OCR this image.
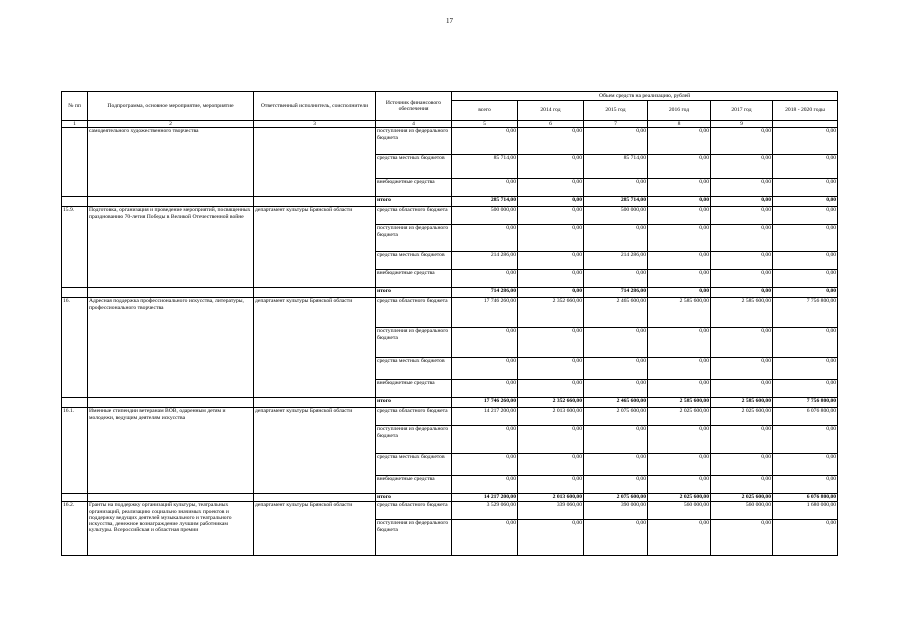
17
№ пп	Подпрограмма, основное мероприятие, мероприятие	Ответственный исполнитель, соисполнители	Источник финансового обеспечения	Объем средств на реализацию, рублей					
				всего	2014 год	2015 год	2016 год	2017 год	2018 - 2020 годы
1	2	3	4	5	6	7	8	9	
	самодеятельного художественного творчества		поступления из федерального бюджета	0,00	0,00	0,00	0,00	0,00	0,00
			средства местных бюджетов	85 714,00	0,00	85 714,00	0,00	0,00	0,00
			внебюджетные средства	0,00	0,00	0,00	0,00	0,00	0,00
			итого	285 714,00	0,00	285 714,00	0,00	0,00	0,00
15.9.	Подготовка, организация и проведение мероприятий, посвященных празднованию 70-летия Победы в Великой Отечественной войне	департамент культуры Брянской области	средства областного бюджета	500 000,00	0,00	500 000,00	0,00	0,00	0,00
			поступления из федерального бюджета	0,00	0,00	0,00	0,00	0,00	0,00
			средства местных бюджетов	214 286,00	0,00	214 286,00	0,00	0,00	0,00
			внебюджетные средства	0,00	0,00	0,00	0,00	0,00	0,00
			итого	714 286,00	0,00	714 286,00	0,00	0,00	0,00
16.	Адресная поддержка профессионального искусства, литературы, профессионального творчества	департамент культуры Брянской области	средства областного бюджета	17 746 260,00	2 352 660,00	2 465 600,00	2 585 600,00	2 585 600,00	7 756 800,00
			поступления из федерального бюджета	0,00	0,00	0,00	0,00	0,00	0,00
			средства местных бюджетов	0,00	0,00	0,00	0,00	0,00	0,00
			внебюджетные средства	0,00	0,00	0,00	0,00	0,00	0,00
			итого	17 746 260,00	2 352 660,00	2 465 600,00	2 585 600,00	2 585 600,00	7 756 800,00
16.1.	Именные стипендии ветеранам ВОВ, одаренным детям и молодежи, ведущим деятелям искусства	департамент культуры Брянской области	средства областного бюджета	14 217 200,00	2 013 600,00	2 075 600,00	2 025 600,00	2 025 600,00	6 076 800,00
			поступления из федерального бюджета	0,00	0,00	0,00	0,00	0,00	0,00
			средства местных бюджетов	0,00	0,00	0,00	0,00	0,00	0,00
			внебюджетные средства	0,00	0,00	0,00	0,00	0,00	0,00
			итого	14 217 200,00	2 013 600,00	2 075 600,00	2 025 600,00	2 025 600,00	6 076 800,00
16.2.	Гранты на поддержку организаций культуры, театральных организаций, реализацию социально значимых проектов и поддержку ведущих деятелей музыкального и театрального искусства, денежное вознаграждение лучшим работникам культуры. Всероссийская и областная премии	департамент культуры Брянской области	средства областного бюджета	3 529 060,00	339 060,00	390 000,00	560 000,00	560 000,00	1 680 000,00
			поступления из федерального бюджета	0,00	0,00	0,00	0,00	0,00	0,00
